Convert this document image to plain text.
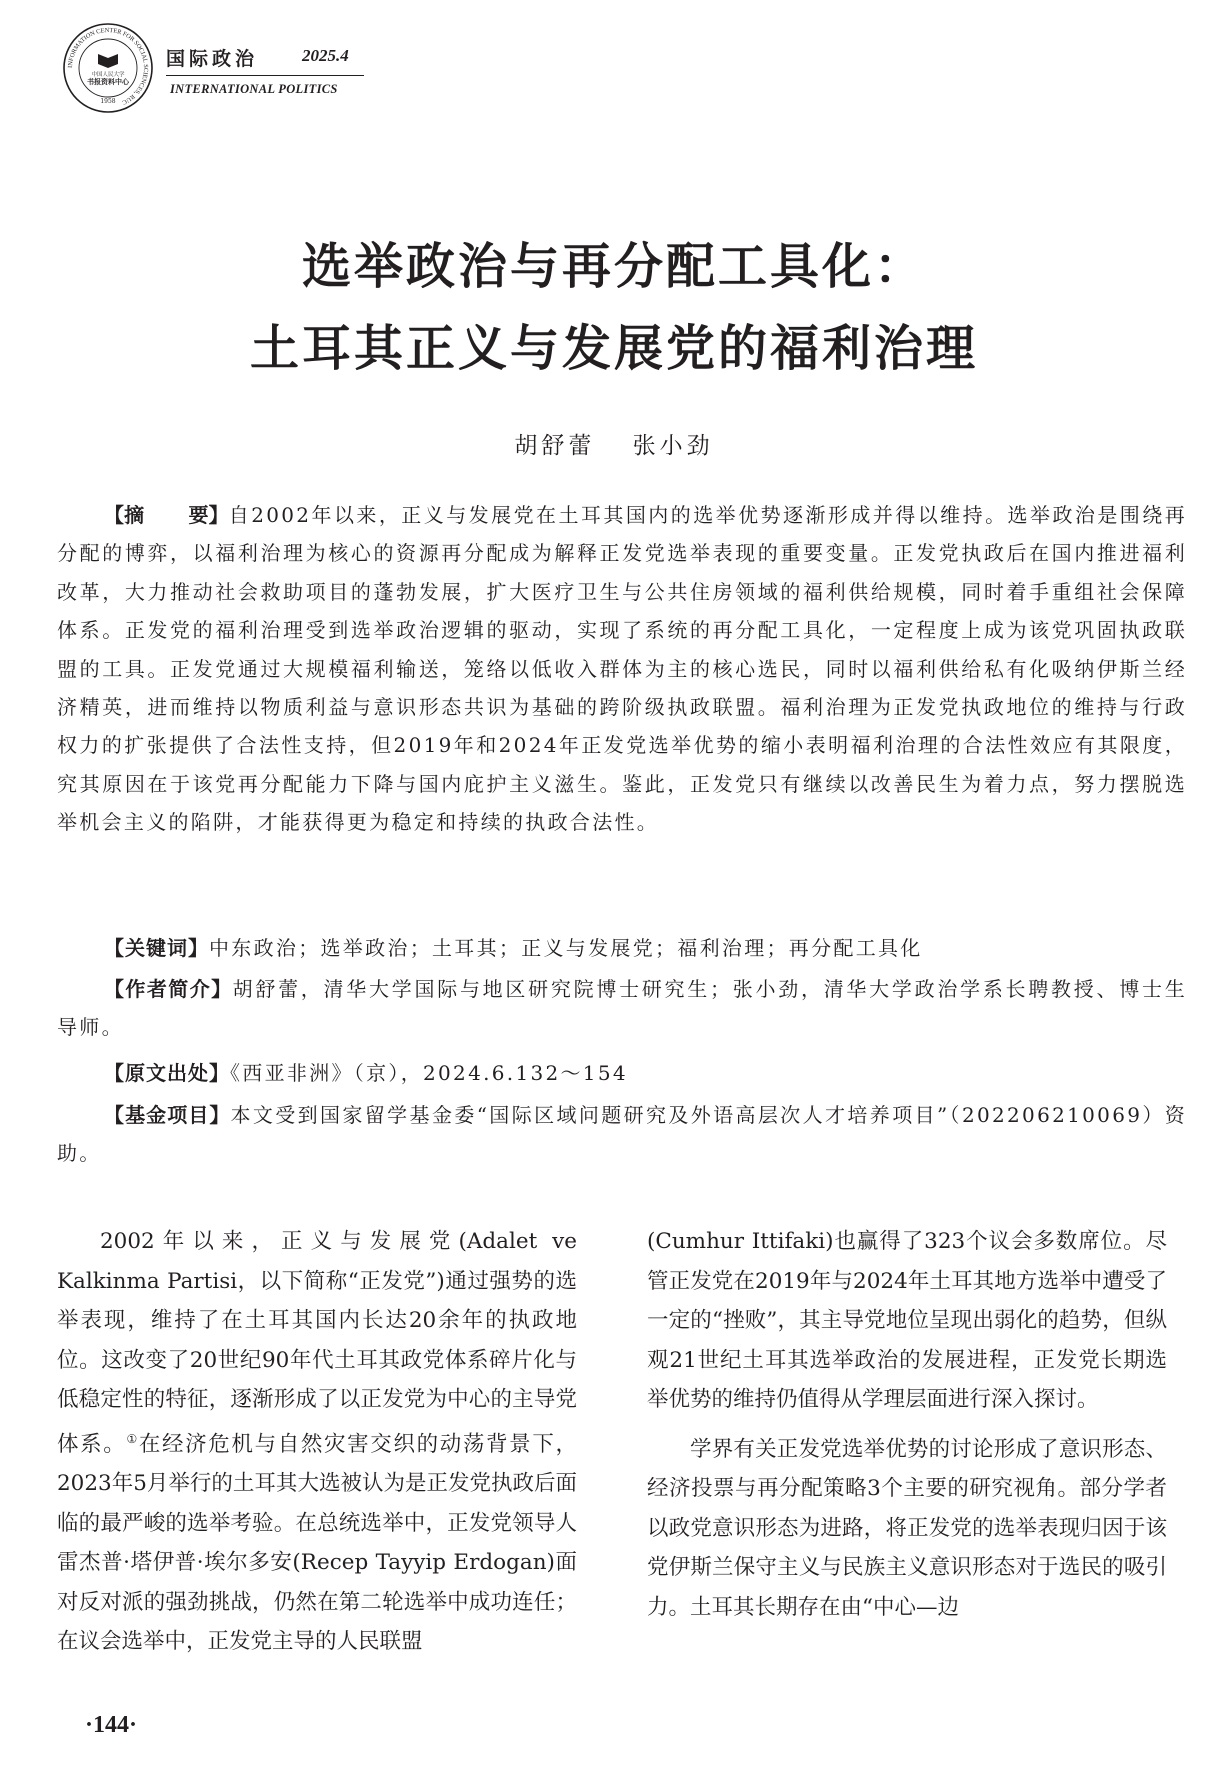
INFORMATION CENTER FOR SOCIAL SCIENCES, RUC
中国人民大学
书报资料中心
1958
国际政治	2025.4
INTERNATIONAL POLITICS
选举政治与再分配工具化：
土耳其正义与发展党的福利治理
胡舒蕾 张小劲

【摘 要】自2002年以来，正义与发展党在土耳其国内的选举优势逐渐形成并得以维持。选举政治是围绕再分配的博弈，以福利治理为核心的资源再分配成为解释正发党选举表现的重要变量。正发党执政后在国内推进福利改革，大力推动社会救助项目的蓬勃发展，扩大医疗卫生与公共住房领域的福利供给规模，同时着手重组社会保障体系。正发党的福利治理受到选举政治逻辑的驱动，实现了系统的再分配工具化，一定程度上成为该党巩固执政联盟的工具。正发党通过大规模福利输送，笼络以低收入群体为主的核心选民，同时以福利供给私有化吸纳伊斯兰经济精英，进而维持以物质利益与意识形态共识为基础的跨阶级执政联盟。福利治理为正发党执政地位的维持与行政权力的扩张提供了合法性支持，但2019年和2024年正发党选举优势的缩小表明福利治理的合法性效应有其限度，究其原因在于该党再分配能力下降与国内庇护主义滋生。鉴此，正发党只有继续以改善民生为着力点，努力摆脱选举机会主义的陷阱，才能获得更为稳定和持续的执政合法性。

【关键词】中东政治；选举政治；土耳其；正义与发展党；福利治理；再分配工具化

【作者简介】胡舒蕾，清华大学国际与地区研究院博士研究生；张小劲，清华大学政治学系长聘教授、博士生导师。

【原文出处】《西亚非洲》（京），2024.6.132～154

【基金项目】本文受到国家留学基金委“国际区域问题研究及外语高层次人才培养项目”（202206210069）资助。

2002年以来，正义与发展党(Adalet ve Kalkinma Partisi，以下简称“正发党”)通过强势的选举表现，维持了在土耳其国内长达20余年的执政地位。这改变了20世纪90年代土耳其政党体系碎片化与低稳定性的特征，逐渐形成了以正发党为中心的主导党体系。①在经济危机与自然灾害交织的动荡背景下，2023年5月举行的土耳其大选被认为是正发党执政后面临的最严峻的选举考验。在总统选举中，正发党领导人雷杰普·塔伊普·埃尔多安(Recep Tayyip Erdogan)面对反对派的强劲挑战，仍然在第二轮选举中成功连任；在议会选举中，正发党主导的人民联盟

(Cumhur Ittifaki)也赢得了323个议会多数席位。尽管正发党在2019年与2024年土耳其地方选举中遭受了一定的“挫败”，其主导党地位呈现出弱化的趋势，但纵观21世纪土耳其选举政治的发展进程，正发党长期选举优势的维持仍值得从学理层面进行深入探讨。

学界有关正发党选举优势的讨论形成了意识形态、经济投票与再分配策略3个主要的研究视角。部分学者以政党意识形态为进路，将正发党的选举表现归因于该党伊斯兰保守主义与民族主义意识形态对于选民的吸引力。土耳其长期存在由“中心—边

·144·
